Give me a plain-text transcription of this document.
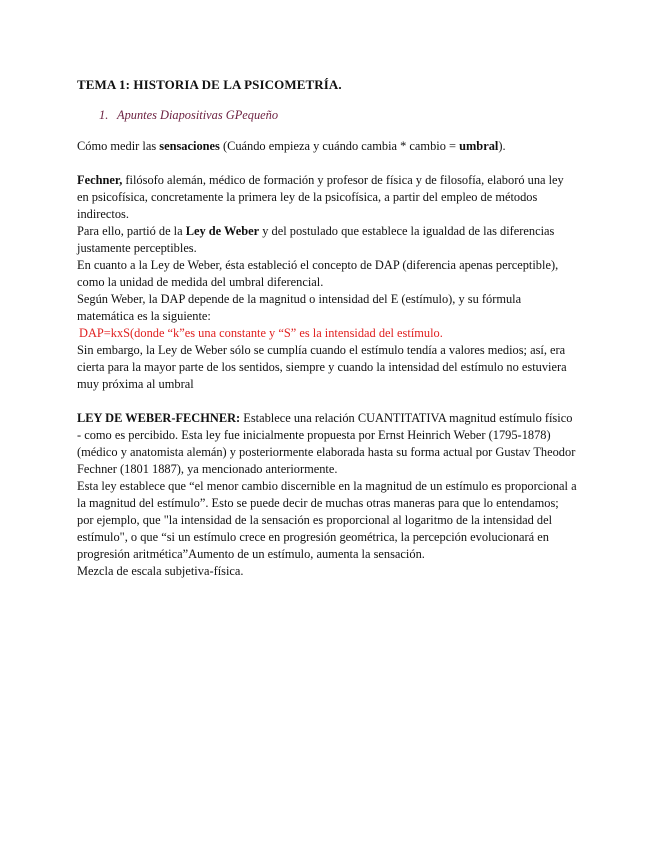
TEMA 1: HISTORIA DE LA PSICOMETRÍA.
1. Apuntes Diapositivas GPequeño

Cómo medir las sensaciones (Cuándo empieza y cuándo cambia * cambio = umbral).

Fechner, filósofo alemán, médico de formación y profesor de física y de filosofía, elaboró una ley en psicofísica, concretamente la primera ley de la psicofísica, a partir del empleo de métodos indirectos.

Para ello, partió de la Ley de Weber y del postulado que establece la igualdad de las diferencias justamente perceptibles.

En cuanto a la Ley de Weber, ésta estableció el concepto de DAP (diferencia apenas perceptible), como la unidad de medida del umbral diferencial.

Según Weber, la DAP depende de la magnitud o intensidad del E (estímulo), y su fórmula matemática es la siguiente:

DAP=kxS(donde “k”es una constante y “S” es la intensidad del estímulo.

Sin embargo, la Ley de Weber sólo se cumplía cuando el estímulo tendía a valores medios; así, era cierta para la mayor parte de los sentidos, siempre y cuando la intensidad del estímulo no estuviera muy próxima al umbral

LEY DE WEBER-FECHNER: Establece una relación CUANTITATIVA magnitud estímulo físico - como es percibido. Esta ley fue inicialmente propuesta por Ernst Heinrich Weber (1795-1878) (médico y anatomista alemán) y posteriormente elaborada hasta su forma actual por Gustav Theodor Fechner (1801 1887), ya mencionado anteriormente.

Esta ley establece que “el menor cambio discernible en la magnitud de un estímulo es proporcional a la magnitud del estímulo”. Esto se puede decir de muchas otras maneras para que lo entendamos; por ejemplo, que "la intensidad de la sensación es proporcional al logaritmo de la intensidad del estímulo", o que “si un estímulo crece en progresión geométrica, la percepción evolucionará en progresión aritmética”Aumento de un estímulo, aumenta la sensación.

Mezcla de escala subjetiva-física.
